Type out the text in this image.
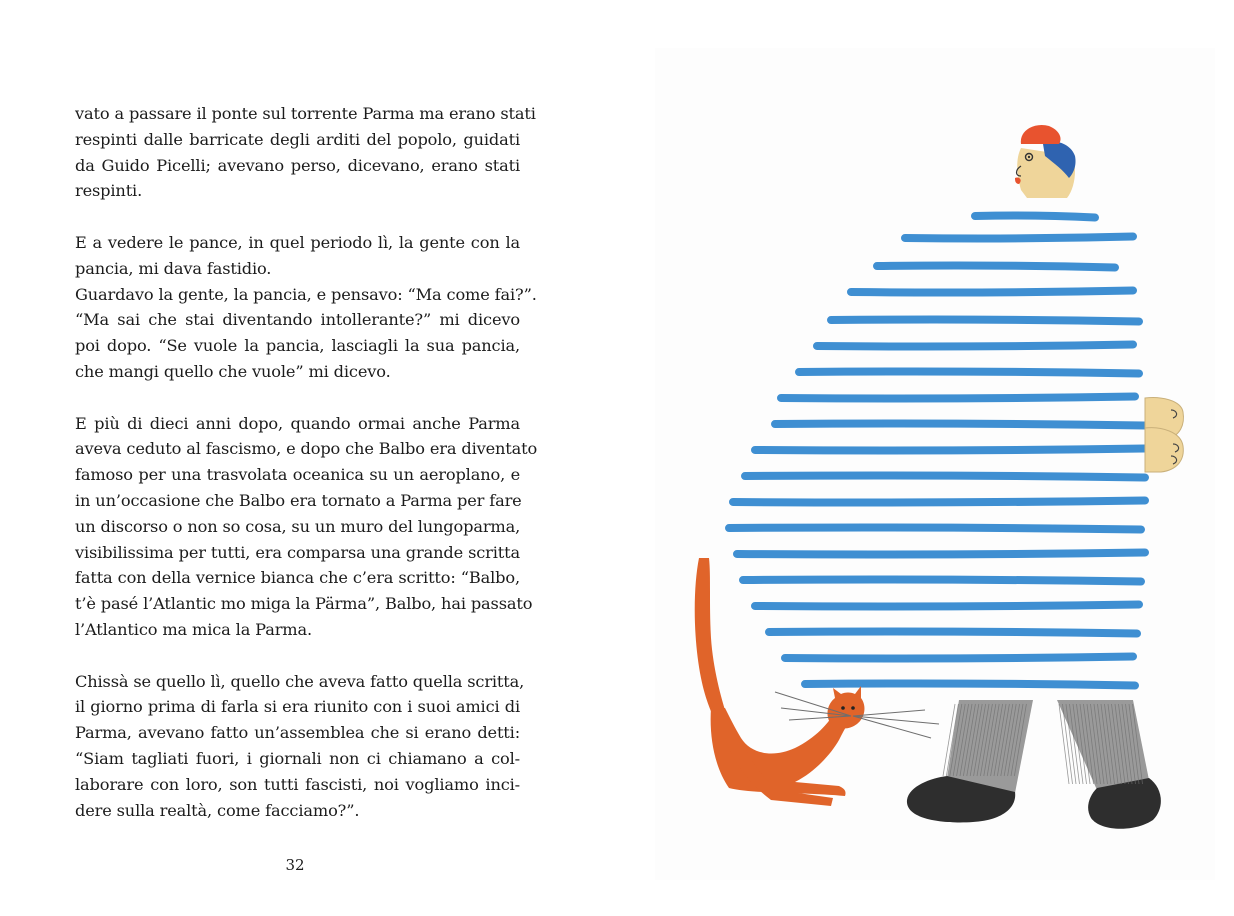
vato a passare il ponte sul torrente Parma ma erano stati
respinti dalle barricate degli arditi del popolo, guidati
da Guido Picelli; avevano perso, dicevano, erano stati
respinti.

E a vedere le pance, in quel periodo lì, la gente con la
pancia, mi dava fastidio.
Guardavo la gente, la pancia, e pensavo: “Ma come fai?”.
“Ma sai che stai diventando intollerante?” mi dicevo
poi dopo. “Se vuole la pancia, lasciagli la sua pancia,
che mangi quello che vuole” mi dicevo.

E più di dieci anni dopo, quando ormai anche Parma
aveva ceduto al fascismo, e dopo che Balbo era diventato
famoso per una trasvolata oceanica su un aeroplano, e
in un’occasione che Balbo era tornato a Parma per fare
un discorso o non so cosa, su un muro del lungoparma,
visibilissima per tutti, era comparsa una grande scritta
fatta con della vernice bianca che c’era scritto: “Balbo,
t’è pasé l’Atlantic mo miga la Pärma”, Balbo, hai passato
l’Atlantico ma mica la Parma.

Chissà se quello lì, quello che aveva fatto quella scritta,
il giorno prima di farla si era riunito con i suoi amici di
Parma, avevano fatto un’assemblea che si erano detti:
“Siam tagliati fuori, i giornali non ci chiamano a col-
laborare con loro, son tutti fascisti, noi vogliamo inci-
dere sulla realtà, come facciamo?”.

32
